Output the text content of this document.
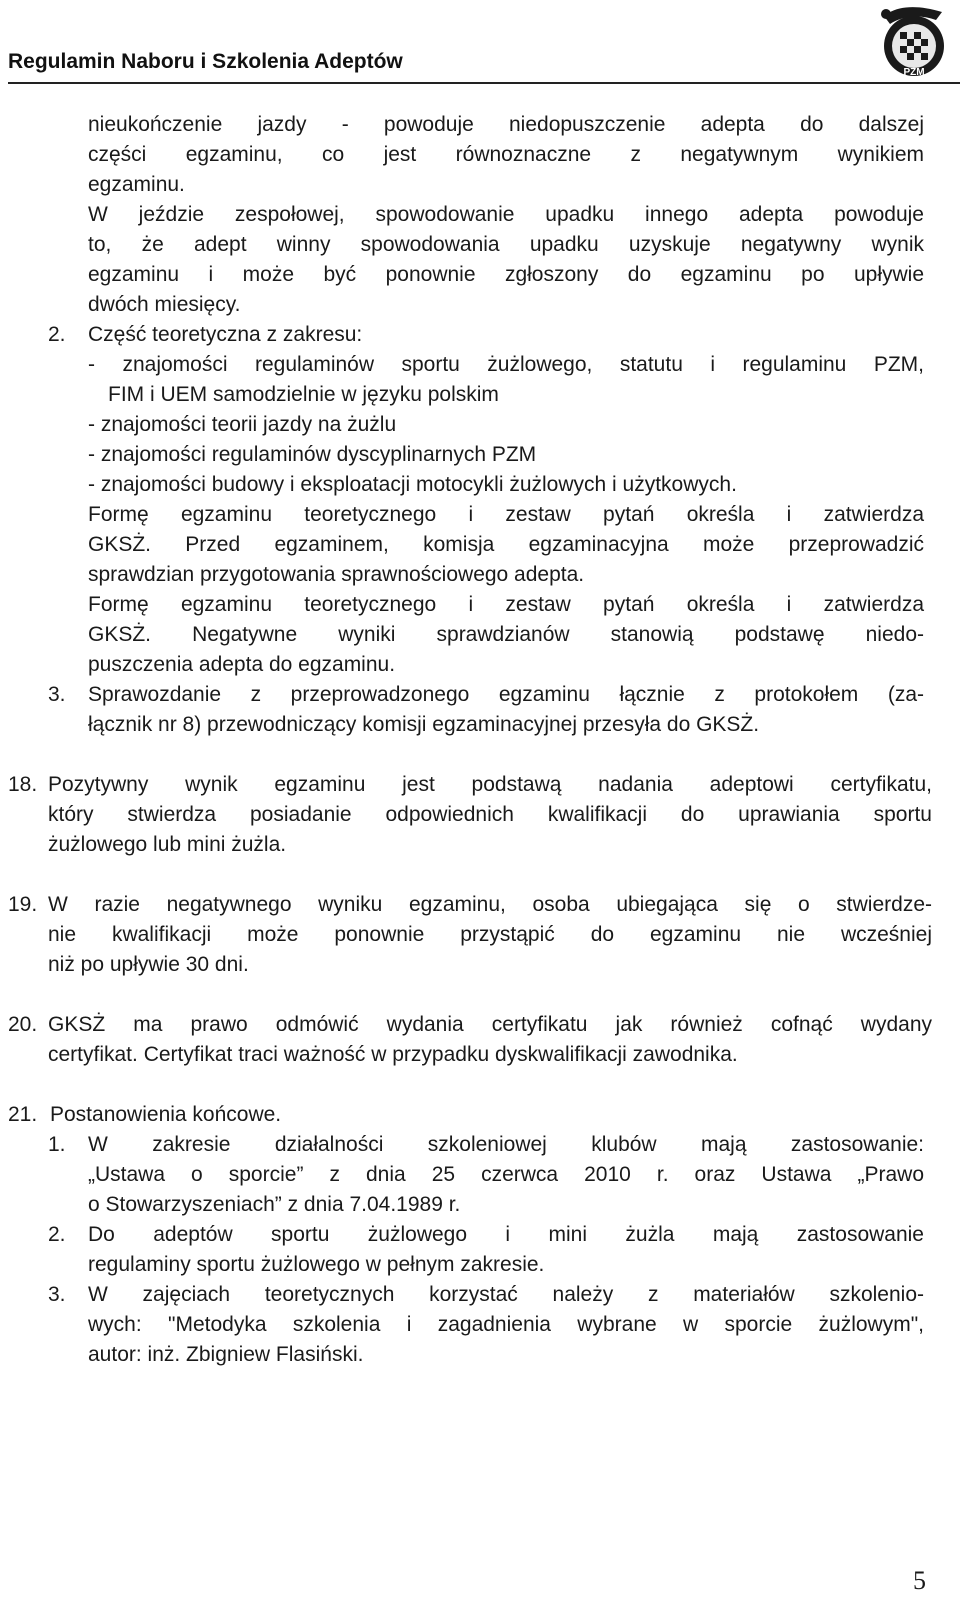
Regulamin Naboru i Szkolenia Adeptów	PZM
nieukończenie jazdy - powoduje niedopuszczenie adepta do dalszej
części egzaminu, co jest równoznaczne z negatywnym wynikiem
egzaminu.
W jeździe zespołowej, spowodowanie upadku innego adepta powoduje
to, że adept winny spowodowania upadku uzyskuje negatywny wynik
egzaminu i może być ponownie zgłoszony do egzaminu po upływie
dwóch miesięcy.
2. Część teoretyczna z zakresu:
- znajomości regulaminów sportu żużlowego, statutu i regulaminu PZM,
FIM i UEM samodzielnie w języku polskim
- znajomości teorii jazdy na żużlu
- znajomości regulaminów dyscyplinarnych PZM
- znajomości budowy i eksploatacji motocykli żużlowych i użytkowych.
Formę egzaminu teoretycznego i zestaw pytań określa i zatwierdza
GKSŻ. Przed egzaminem, komisja egzaminacyjna może przeprowadzić
sprawdzian przygotowania sprawnościowego adepta.
Formę egzaminu teoretycznego i zestaw pytań określa i zatwierdza
GKSŻ. Negatywne wyniki sprawdzianów stanowią podstawę niedo-
puszczenia adepta do egzaminu.
3. Sprawozdanie z przeprowadzonego egzaminu łącznie z protokołem (za-
łącznik nr 8) przewodniczący komisji egzaminacyjnej przesyła do GKSŻ.
18. Pozytywny wynik egzaminu jest podstawą nadania adeptowi certyfikatu,
który stwierdza posiadanie odpowiednich kwalifikacji do uprawiania sportu
żużlowego lub mini żużla.
19. W razie negatywnego wyniku egzaminu, osoba ubiegająca się o stwierdze-
nie kwalifikacji może ponownie przystąpić do egzaminu nie wcześniej
niż po upływie 30 dni.
20. GKSŻ ma prawo odmówić wydania certyfikatu jak również cofnąć wydany
certyfikat. Certyfikat traci ważność w przypadku dyskwalifikacji zawodnika.
21. Postanowienia końcowe.
1. W zakresie działalności szkoleniowej klubów mają zastosowanie:
„Ustawa o sporcie” z dnia 25 czerwca 2010 r. oraz Ustawa „Prawo
o Stowarzyszeniach” z dnia 7.04.1989 r.
2. Do adeptów sportu żużlowego i mini żużla mają zastosowanie
regulaminy sportu żużlowego w pełnym zakresie.
3. W zajęciach teoretycznych korzystać należy z materiałów szkolenio-
wych: "Metodyka szkolenia i zagadnienia wybrane w sporcie żużlowym",
autor: inż. Zbigniew Flasiński.
5
